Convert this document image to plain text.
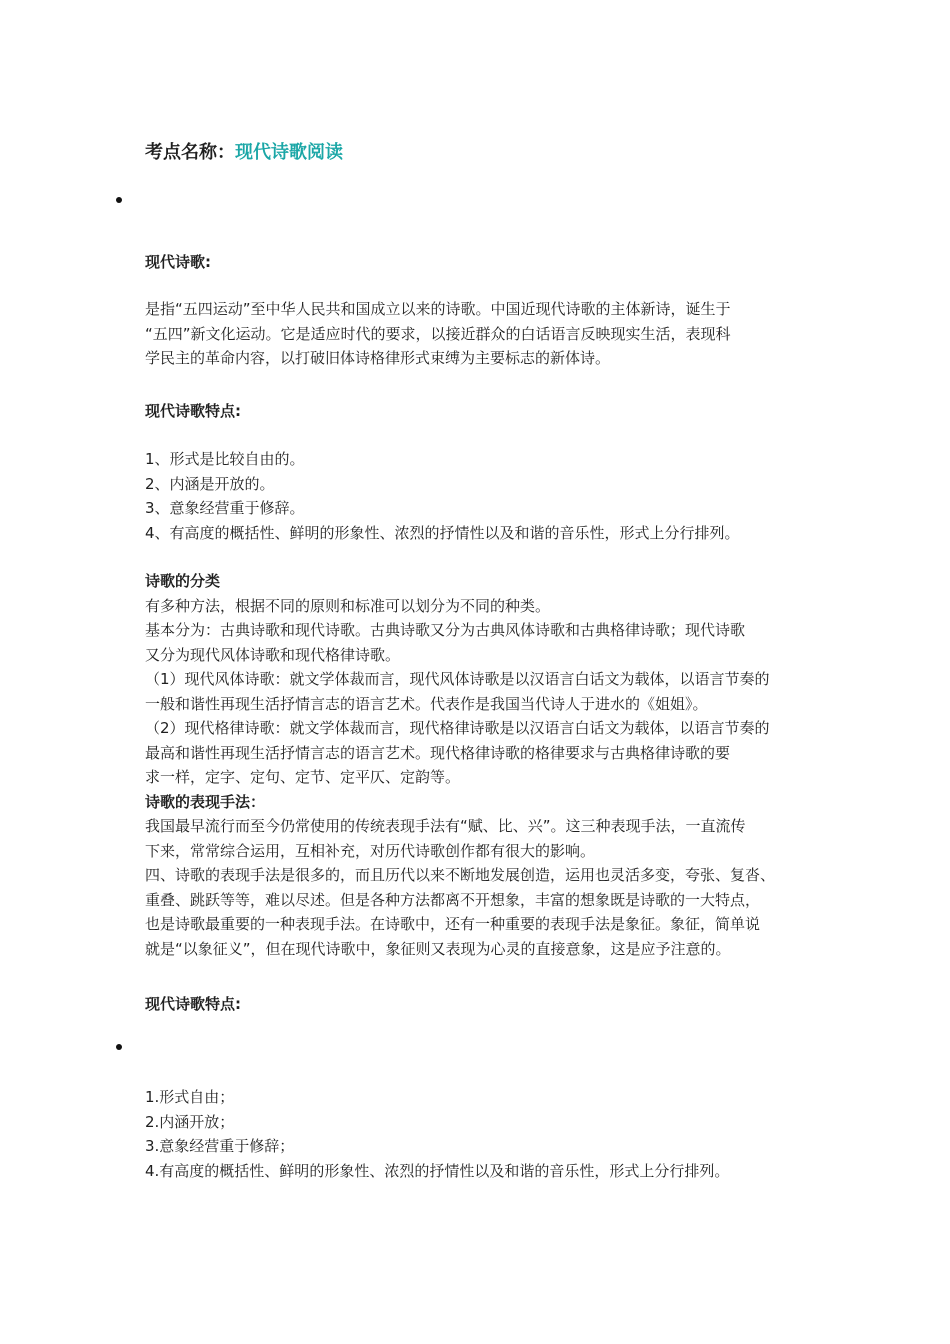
考点名称：现代诗歌阅读
现代诗歌:
是指“五四运动”至中华人民共和国成立以来的诗歌。中国近现代诗歌的主体新诗，诞生于
“五四”新文化运动。它是适应时代的要求，以接近群众的白话语言反映现实生活，表现科
学民主的革命内容，以打破旧体诗格律形式束缚为主要标志的新体诗。
现代诗歌特点:
1、形式是比较自由的。
2、内涵是开放的。
3、意象经营重于修辞。
4、有高度的概括性、鲜明的形象性、浓烈的抒情性以及和谐的音乐性，形式上分行排列。
诗歌的分类
有多种方法，根据不同的原则和标准可以划分为不同的种类。
基本分为：古典诗歌和现代诗歌。古典诗歌又分为古典风体诗歌和古典格律诗歌；现代诗歌
又分为现代风体诗歌和现代格律诗歌。
（1）现代风体诗歌：就文学体裁而言，现代风体诗歌是以汉语言白话文为载体，以语言节奏的
一般和谐性再现生活抒情言志的语言艺术。代表作是我国当代诗人于进水的《姐姐》。
（2）现代格律诗歌：就文学体裁而言，现代格律诗歌是以汉语言白话文为载体，以语言节奏的
最高和谐性再现生活抒情言志的语言艺术。现代格律诗歌的格律要求与古典格律诗歌的要
求一样，定字、定句、定节、定平仄、定韵等。
诗歌的表现手法：
我国最早流行而至今仍常使用的传统表现手法有“赋、比、兴”。这三种表现手法，一直流传
下来，常常综合运用，互相补充，对历代诗歌创作都有很大的影响。
四、诗歌的表现手法是很多的，而且历代以来不断地发展创造，运用也灵活多变，夸张、复沓、
重叠、跳跃等等，难以尽述。但是各种方法都离不开想象，丰富的想象既是诗歌的一大特点，
也是诗歌最重要的一种表现手法。在诗歌中，还有一种重要的表现手法是象征。象征，简单说
就是“以象征义”，但在现代诗歌中，象征则又表现为心灵的直接意象，这是应予注意的。
现代诗歌特点:
1.形式自由；
2.内涵开放；
3.意象经营重于修辞；
4.有高度的概括性、鲜明的形象性、浓烈的抒情性以及和谐的音乐性，形式上分行排列。
